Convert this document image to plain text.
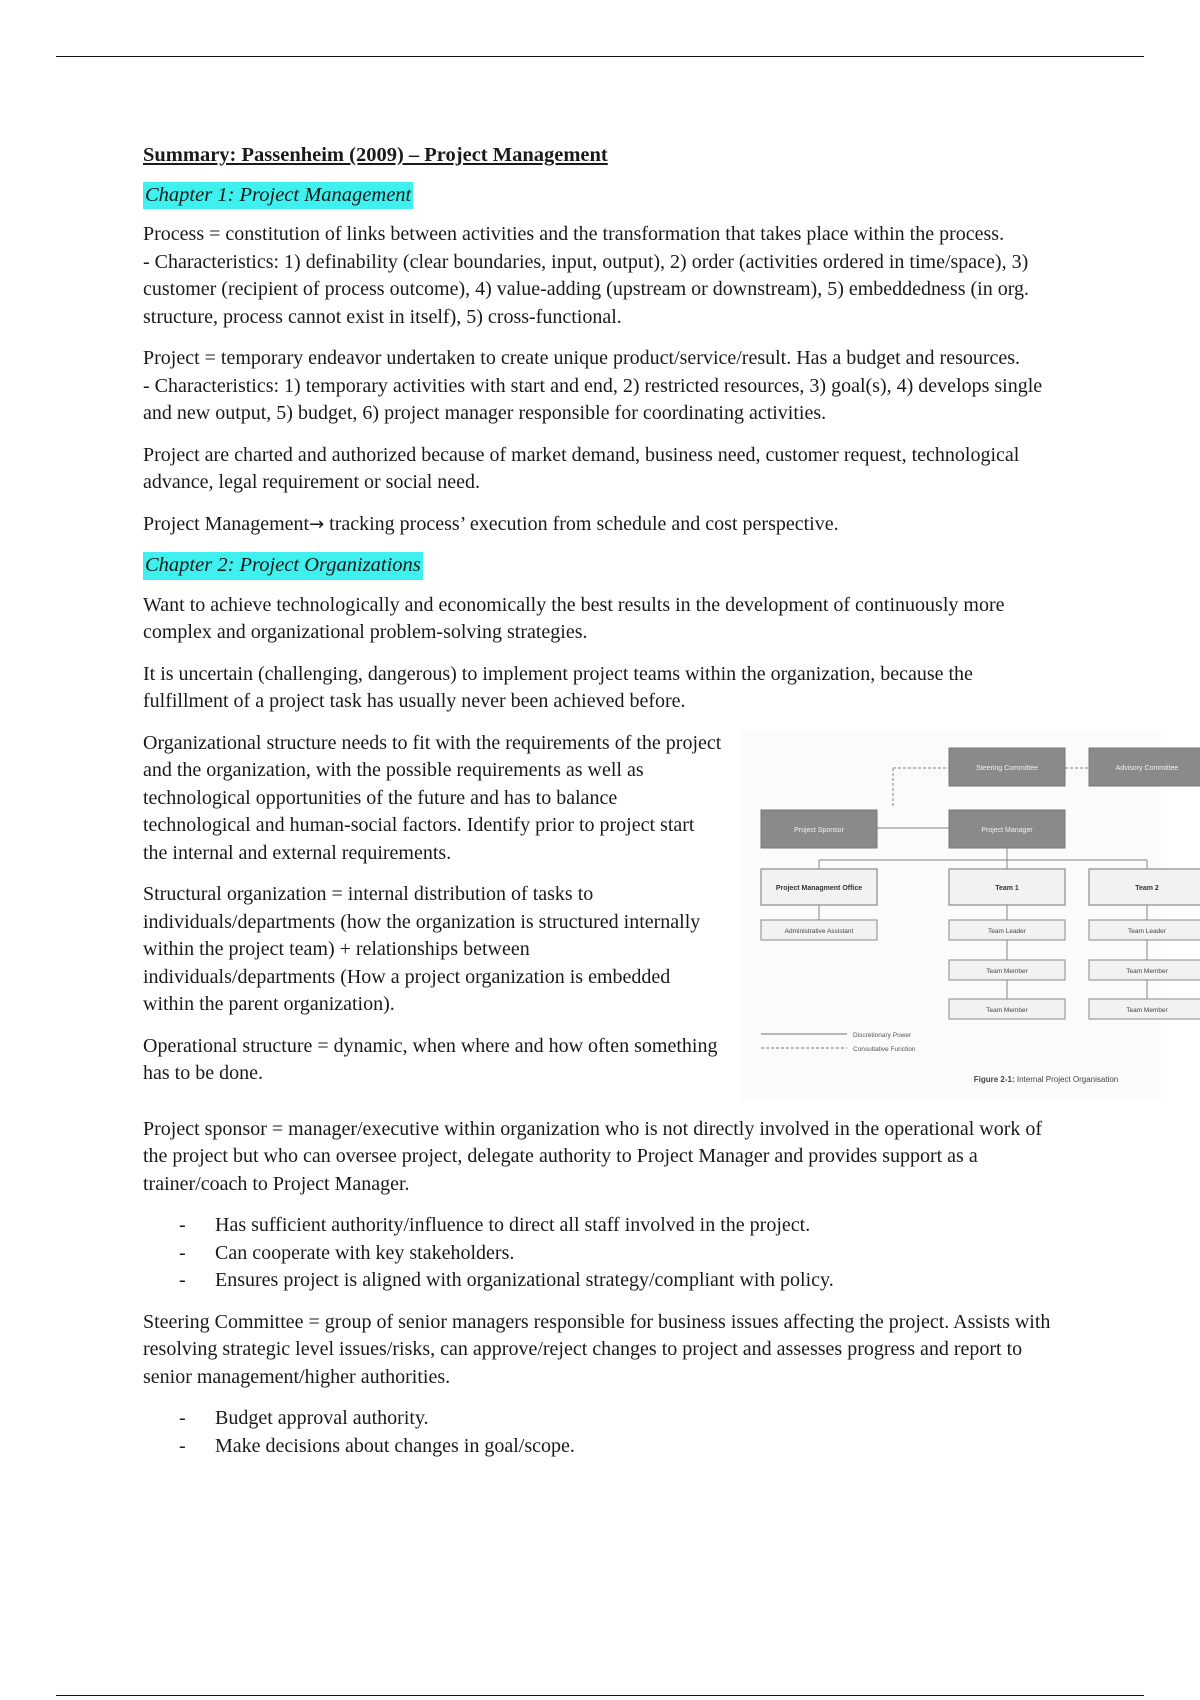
Summary: Passenheim (2009) – Project Management
Chapter 1: Project Management

Process = constitution of links between activities and the transformation that takes place within the process.
- Characteristics: 1) definability (clear boundaries, input, output), 2) order (activities ordered in time/space), 3) customer (recipient of process outcome), 4) value-adding (upstream or downstream), 5) embeddedness (in org. structure, process cannot exist in itself), 5) cross-functional.

Project = temporary endeavor undertaken to create unique product/service/result. Has a budget and resources.
- Characteristics: 1) temporary activities with start and end, 2) restricted resources, 3) goal(s), 4) develops single and new output, 5) budget, 6) project manager responsible for coordinating activities.

Project are charted and authorized because of market demand, business need, customer request, technological advance, legal requirement or social need.

Project Management→ tracking process’ execution from schedule and cost perspective.

Chapter 2: Project Organizations

Want to achieve technologically and economically the best results in the development of continuously more complex and organizational problem-solving strategies.

It is uncertain (challenging, dangerous) to implement project teams within the organization, because the fulfillment of a project task has usually never been achieved before.

Organizational structure needs to fit with the requirements of the project and the organization, with the possible requirements as well as technological opportunities of the future and has to balance technological and human-social factors. Identify prior to project start the internal and external requirements.

Structural organization = internal distribution of tasks to individuals/departments (how the organization is structured internally within the project team) + relationships between individuals/departments (How a project organization is embedded within the parent organization).

Operational structure = dynamic, when where and how often something has to be done.

Steering Committee	Advisory Committee
Project Sponsor	Project Manager
Project Managment Office	Team 1	Team 2
Administrative Assistant	Team Leader	Team Leader
Team Member	Team Member
Team Member	Team Member
Discretionary Power
Consultative Function
Figure 2-1: Internal Project Organisation

Project sponsor = manager/executive within organization who is not directly involved in the operational work of the project but who can oversee project, delegate authority to Project Manager and provides support as a trainer/coach to Project Manager.

- Has sufficient authority/influence to direct all staff involved in the project.
- Can cooperate with key stakeholders.
- Ensures project is aligned with organizational strategy/compliant with policy.

Steering Committee = group of senior managers responsible for business issues affecting the project. Assists with resolving strategic level issues/risks, can approve/reject changes to project and assesses progress and report to senior management/higher authorities.

- Budget approval authority.
- Make decisions about changes in goal/scope.
